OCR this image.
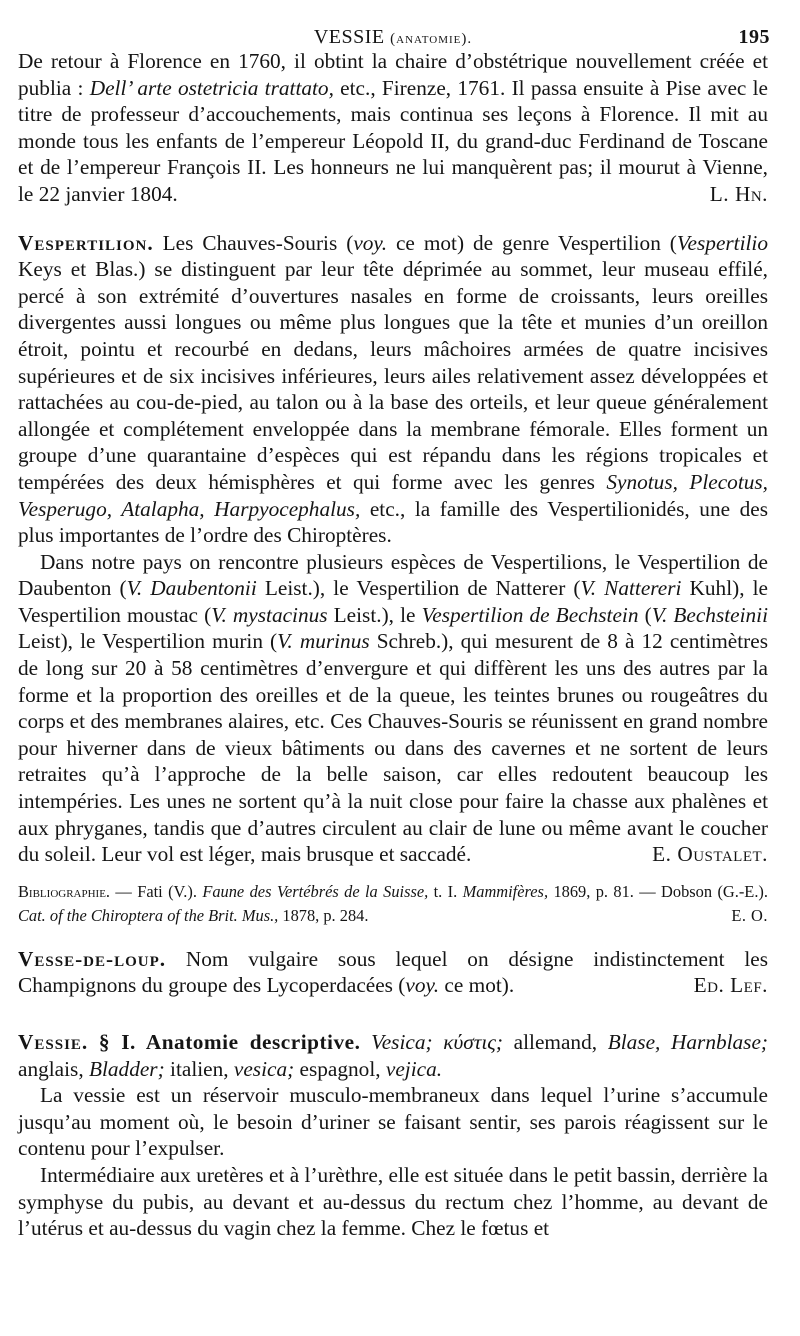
VESSIE (anatomie).	195

De retour à Florence en 1760, il obtint la chaire d’obstétrique nouvellement créée et publia : Dell’ arte ostetricia trattato, etc., Firenze, 1761. Il passa ensuite à Pise avec le titre de professeur d’accouchements, mais continua ses leçons à Florence. Il mit au monde tous les enfants de l’empereur Léopold II, du grand-duc Ferdinand de Toscane et de l’empereur François II. Les honneurs ne lui manquèrent pas; il mourut à Vienne, le 22 janvier 1804.	L. Hn.

Vespertilion. Les Chauves-Souris (voy. ce mot) de genre Vespertilion (Vespertilio Keys et Blas.) se distinguent par leur tête déprimée au sommet, leur museau effilé, percé à son extrémité d’ouvertures nasales en forme de croissants, leurs oreilles divergentes aussi longues ou même plus longues que la tête et munies d’un oreillon étroit, pointu et recourbé en dedans, leurs mâchoires armées de quatre incisives supérieures et de six incisives inférieures, leurs ailes relativement assez développées et rattachées au cou-de-pied, au talon ou à la base des orteils, et leur queue généralement allongée et complétement enveloppée dans la membrane fémorale. Elles forment un groupe d’une quarantaine d’espèces qui est répandu dans les régions tropicales et tempérées des deux hémisphères et qui forme avec les genres Synotus, Plecotus, Vesperugo, Atalapha, Harpyocephalus, etc., la famille des Vespertilionidés, une des plus importantes de l’ordre des Chiroptères.

Dans notre pays on rencontre plusieurs espèces de Vespertilions, le Vespertilion de Daubenton (V. Daubentonii Leist.), le Vespertilion de Natterer (V. Nattereri Kuhl), le Vespertilion moustac (V. mystacinus Leist.), le Vespertilion de Bechstein (V. Bechsteinii Leist), le Vespertilion murin (V. murinus Schreb.), qui mesurent de 8 à 12 centimètres de long sur 20 à 58 centimètres d’envergure et qui diffèrent les uns des autres par la forme et la proportion des oreilles et de la queue, les teintes brunes ou rougeâtres du corps et des membranes alaires, etc. Ces Chauves-Souris se réunissent en grand nombre pour hiverner dans de vieux bâtiments ou dans des cavernes et ne sortent de leurs retraites qu’à l’approche de la belle saison, car elles redoutent beaucoup les intempéries. Les unes ne sortent qu’à la nuit close pour faire la chasse aux phalènes et aux phryganes, tandis que d’autres circulent au clair de lune ou même avant le coucher du soleil. Leur vol est léger, mais brusque et saccadé.	E. Oustalet.

Bibliographie. — Fati (V.). Faune des Vertébrés de la Suisse, t. I. Mammifères, 1869, p. 81. — Dobson (G.-E.). Cat. of the Chiroptera of the Brit. Mus., 1878, p. 284.	E. O.

Vesse-de-loup. Nom vulgaire sous lequel on désigne indistinctement les Champignons du groupe des Lycoperdacées (voy. ce mot).	Ed. Lef.

Vessie. § I. Anatomie descriptive. Vesica; κύστις; allemand, Blase, Harnblase; anglais, Bladder; italien, vesica; espagnol, vejica.

La vessie est un réservoir musculo-membraneux dans lequel l’urine s’accumule jusqu’au moment où, le besoin d’uriner se faisant sentir, ses parois réagissent sur le contenu pour l’expulser.

Intermédiaire aux uretères et à l’urèthre, elle est située dans le petit bassin, derrière la symphyse du pubis, au devant et au-dessus du rectum chez l’homme, au devant de l’utérus et au-dessus du vagin chez la femme. Chez le fœtus et
